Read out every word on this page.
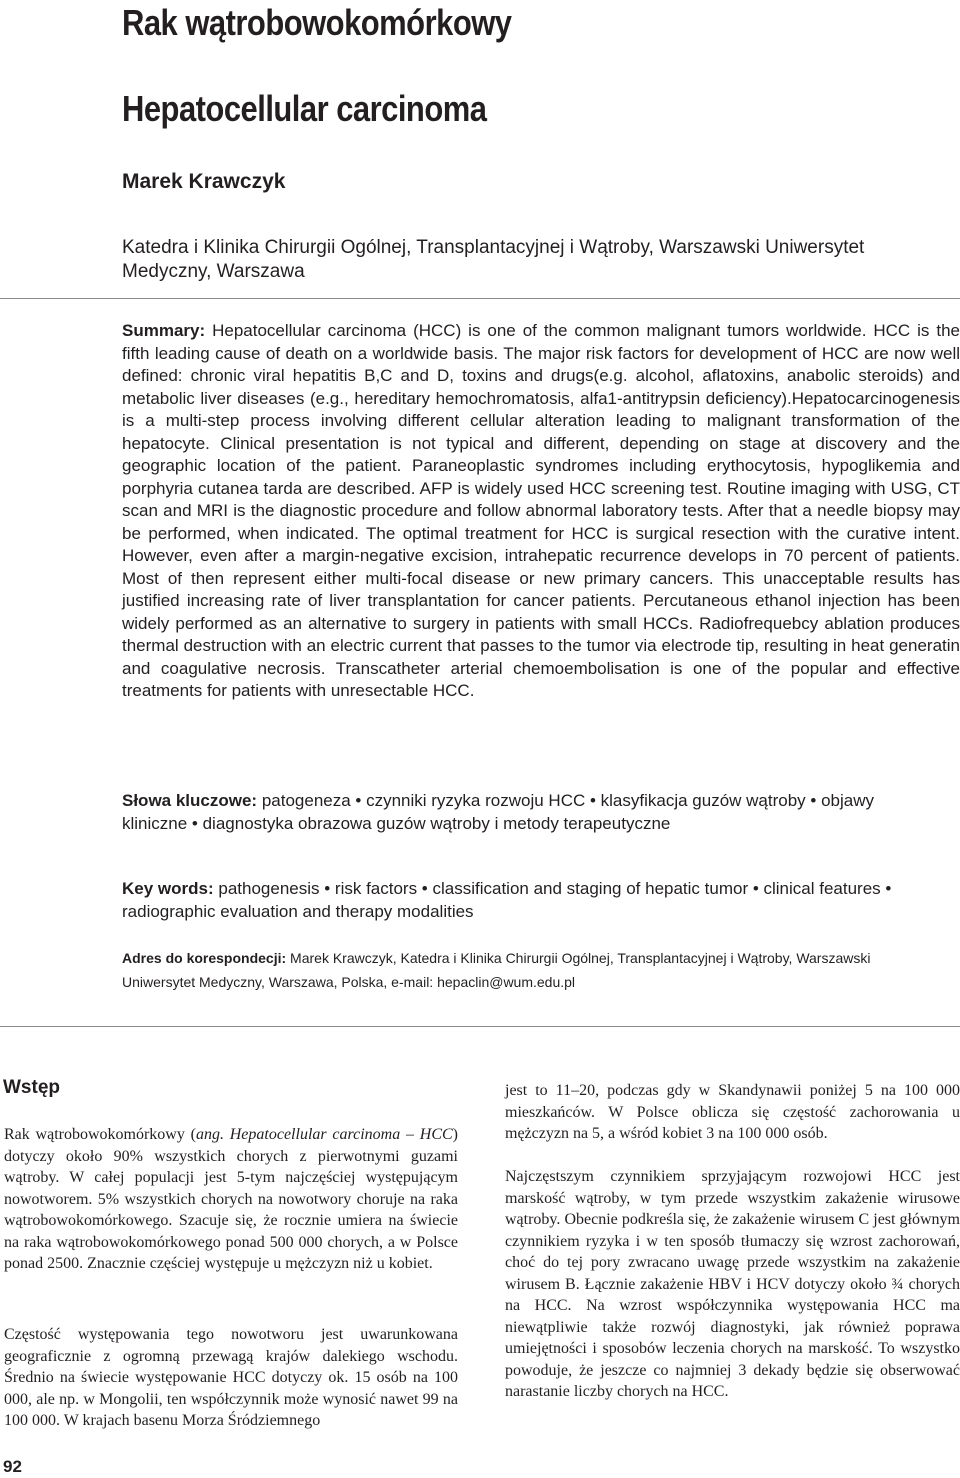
Rak wątrobowokomórkowy
Hepatocellular carcinoma

Marek Krawczyk

Katedra i Klinika Chirurgii Ogólnej, Transplantacyjnej i Wątroby, Warszawski Uniwersytet Medyczny, Warszawa

Summary: Hepatocellular carcinoma (HCC) is one of the common malignant tumors worldwide. HCC is the fifth leading cause of death on a worldwide basis. The major risk factors for development of HCC are now well defined: chronic viral hepatitis B,C and D, toxins and drugs(e.g. alcohol, aflatoxins, anabolic steroids) and metabolic liver diseases (e.g., hereditary hemochromatosis, alfa1-antitrypsin deficiency).Hepatocarcinogenesis is a multi-step process involving different cellular alteration leading to malignant transformation of the hepatocyte. Clinical presentation is not typical and different, depending on stage at discovery and the geographic location of the patient. Paraneoplastic syndromes including erythocytosis, hypoglikemia and porphyria cutanea tarda are described. AFP is widely used HCC screening test. Routine imaging with USG, CT scan and MRI is the diagnostic procedure and follow abnormal laboratory tests. After that a needle biopsy may be performed, when indicated. The optimal treatment for HCC is surgical resection with the curative intent. However, even after a margin-negative excision, intrahepatic recurrence develops in 70 percent of patients. Most of then represent either multi-focal disease or new primary cancers. This unacceptable results has justified increasing rate of liver transplantation for cancer patients. Percutaneous ethanol injection has been widely performed as an alternative to surgery in patients with small HCCs. Radiofrequebcy ablation produces thermal destruction with an electric current that passes to the tumor via electrode tip, resulting in heat generatin and coagulative necrosis. Transcatheter arterial chemoembolisation is one of the popular and effective treatments for patients with unresectable HCC.

Słowa kluczowe: patogeneza • czynniki ryzyka rozwoju HCC • klasyfikacja guzów wątroby • objawy kliniczne • diagnostyka obrazowa guzów wątroby i metody terapeutyczne

Key words: pathogenesis • risk factors • classification and staging of hepatic tumor • clinical features • radiographic evaluation and therapy modalities

Adres do korespondecji: Marek Krawczyk, Katedra i Klinika Chirurgii Ogólnej, Transplantacyjnej i Wątroby, Warszawski Uniwersytet Medyczny, Warszawa, Polska, e-mail: hepaclin@wum.edu.pl

Wstęp

Rak wątrobowokomórkowy (ang. Hepatocellular carcinoma – HCC) dotyczy około 90% wszystkich chorych z pierwotnymi guzami wątroby. W całej populacji jest 5-tym najczęściej występującym nowotworem. 5% wszystkich chorych na nowotwory choruje na raka wątrobowokomórkowego. Szacuje się, że rocznie umiera na świecie na raka wątrobowokomórkowego ponad 500 000 chorych, a w Polsce ponad 2500. Znacznie częściej występuje u mężczyzn niż u kobiet.

Częstość występowania tego nowotworu jest uwarunkowana geograficznie z ogromną przewagą krajów dalekiego wschodu. Średnio na świecie występowanie HCC dotyczy ok. 15 osób na 100 000, ale np. w Mongolii, ten współczynnik może wynosić nawet 99 na 100 000. W krajach basenu Morza Śródziemnego

jest to 11–20, podczas gdy w Skandynawii poniżej 5 na 100 000 mieszkańców. W Polsce oblicza się częstość zachorowania u mężczyzn na 5, a wśród kobiet 3 na 100 000 osób.

Najczęstszym czynnikiem sprzyjającym rozwojowi HCC jest marskość wątroby, w tym przede wszystkim zakażenie wirusowe wątroby. Obecnie podkreśla się, że zakażenie wirusem C jest głównym czynnikiem ryzyka i w ten sposób tłumaczy się wzrost zachorowań, choć do tej pory zwracano uwagę przede wszystkim na zakażenie wirusem B. Łącznie zakażenie HBV i HCV dotyczy około ¾ chorych na HCC. Na wzrost współczynnika występowania HCC ma niewątpliwie także rozwój diagnostyki, jak również poprawa umiejętności i sposobów leczenia chorych na marskość. To wszystko powoduje, że jeszcze co najmniej 3 dekady będzie się obserwować narastanie liczby chorych na HCC.

92
